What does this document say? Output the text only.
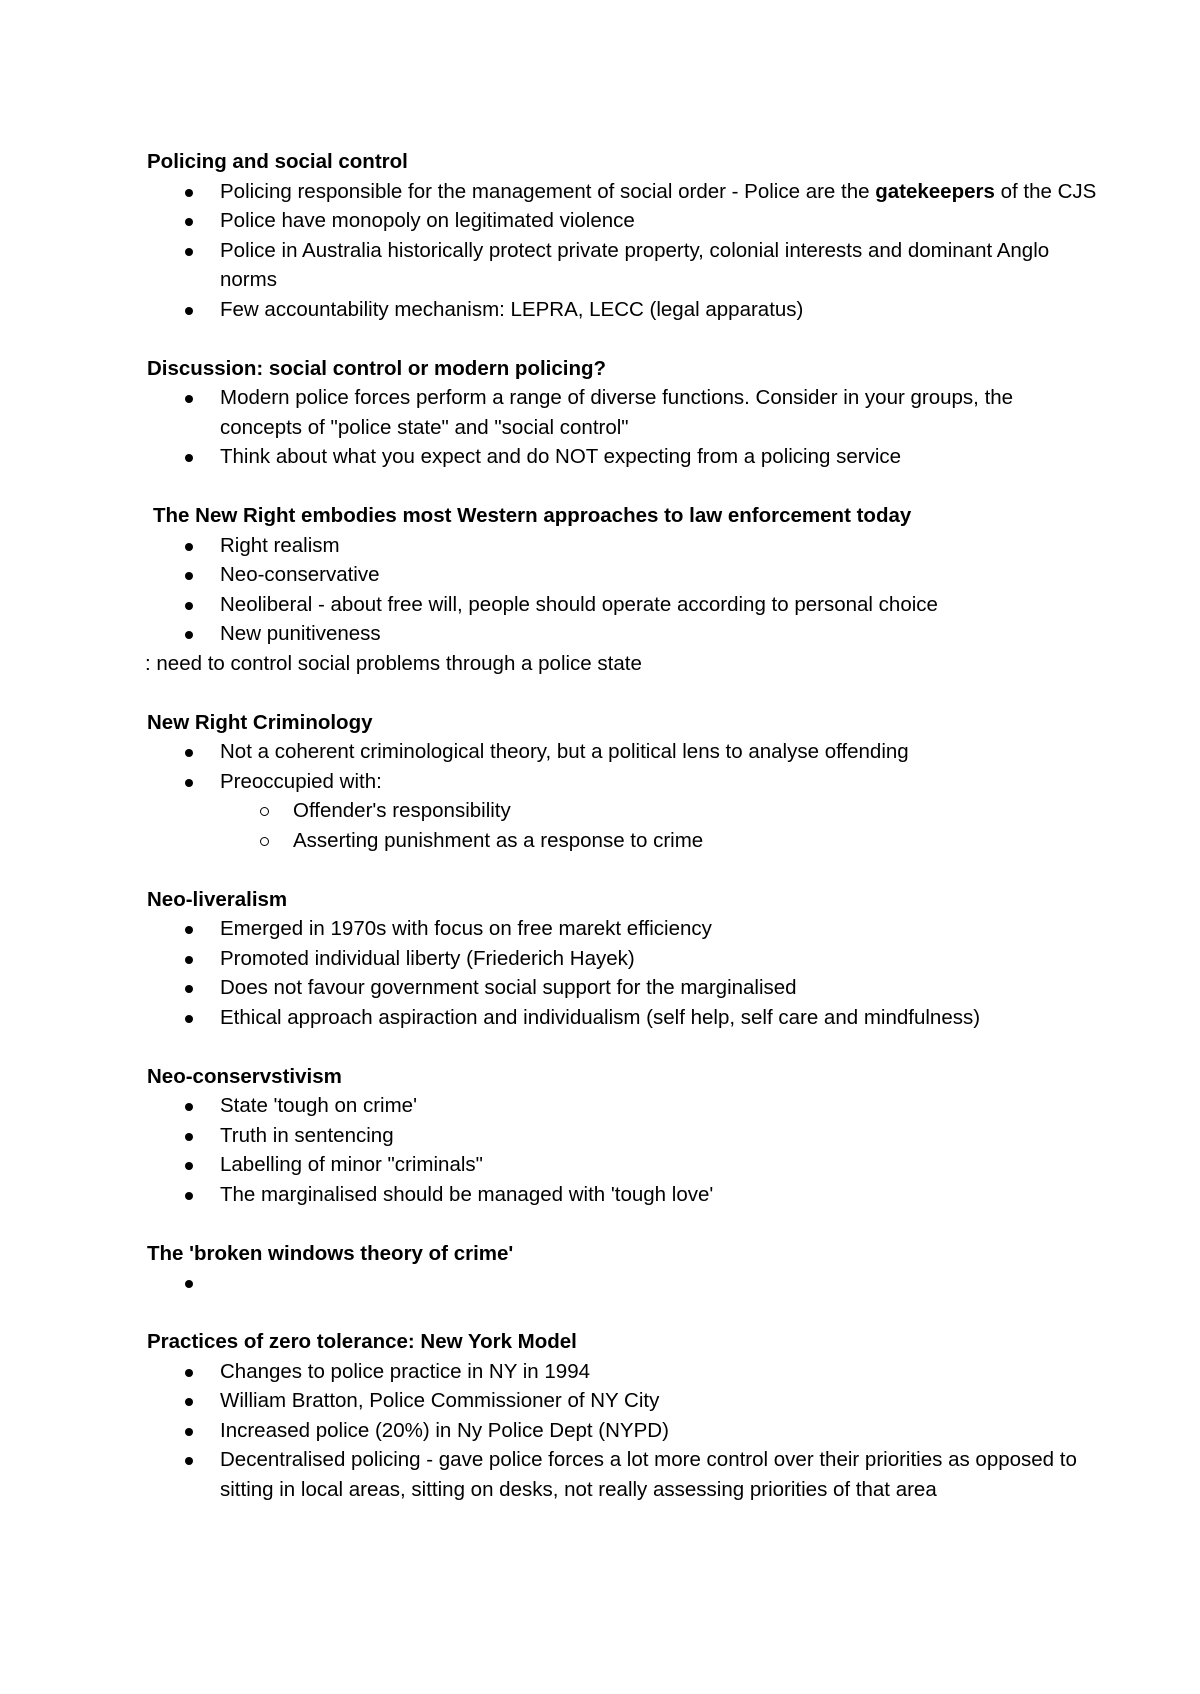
Policing and social control

Policing responsible for the management of social order - Police are the gatekeepers of the CJS
Police have monopoly on legitimated violence
Police in Australia historically protect private property, colonial interests and dominant Anglo norms
Few accountability mechanism: LEPRA, LECC (legal apparatus)

Discussion: social control or modern policing?

Modern police forces perform a range of diverse functions. Consider in your groups, the concepts of "police state" and "social control"
Think about what you expect and do NOT expecting from a policing service

The New Right embodies most Western approaches to law enforcement today

Right realism
Neo-conservative
Neoliberal - about free will, people should operate according to personal choice
New punitiveness

: need to control social problems through a police state

New Right Criminology

Not a coherent criminological theory, but a political lens to analyse offending
Preoccupied with:
Offender's responsibility
Asserting punishment as a response to crime

Neo-liveralism

Emerged in 1970s with focus on free marekt efficiency
Promoted individual liberty (Friederich Hayek)
Does not favour government social support for the marginalised
Ethical approach aspiraction and individualism (self help, self care and mindfulness)

Neo-conservstivism

State 'tough on crime'
Truth in sentencing
Labelling of minor "criminals"
The marginalised should be managed with 'tough love'

The 'broken windows theory of crime'

Practices of zero tolerance: New York Model

Changes to police practice in NY in 1994
William Bratton, Police Commissioner of NY City
Increased police (20%) in Ny Police Dept (NYPD)
Decentralised policing - gave police forces a lot more control over their priorities as opposed to sitting in local areas, sitting on desks, not really assessing priorities of that area
